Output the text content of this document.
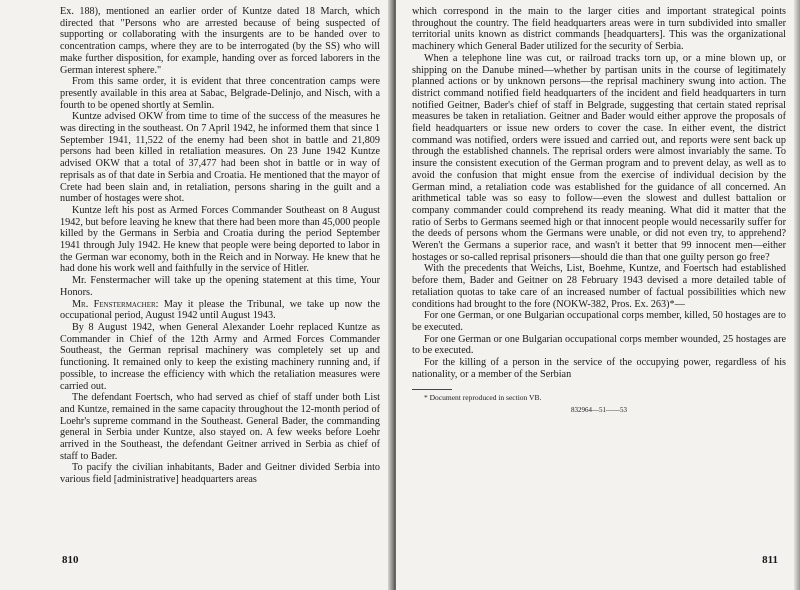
Ex. 188), mentioned an earlier order of Kuntze dated 18 March, which directed that "Persons who are arrested because of being suspected of supporting or collaborating with the insurgents are to be handed over to concentration camps, where they are to be interrogated (by the SS) who will make further disposition, for example, handing over as forced laborers in the German interest sphere."

From this same order, it is evident that three concentration camps were presently available in this area at Sabac, Belgrade-Delinjo, and Nisch, with a fourth to be opened shortly at Semlin.

Kuntze advised OKW from time to time of the success of the measures he was directing in the southeast. On 7 April 1942, he informed them that since 1 September 1941, 11,522 of the enemy had been shot in battle and 21,809 persons had been killed in retaliation measures. On 23 June 1942 Kuntze advised OKW that a total of 37,477 had been shot in battle or in way of reprisals as of that date in Serbia and Croatia. He mentioned that the mayor of Crete had been slain and, in retaliation, persons sharing in the guilt and a number of hostages were shot.

Kuntze left his post as Armed Forces Commander Southeast on 8 August 1942, but before leaving he knew that there had been more than 45,000 people killed by the Germans in Serbia and Croatia during the period September 1941 through July 1942. He knew that people were being deported to labor in the German war economy, both in the Reich and in Norway. He knew that he had done his work well and faithfully in the service of Hitler.

Mr. Fenstermacher will take up the opening statement at this time, Your Honors.

Mr. Fenstermacher: May it please the Tribunal, we take up now the occupational period, August 1942 until August 1943.

By 8 August 1942, when General Alexander Loehr replaced Kuntze as Commander in Chief of the 12th Army and Armed Forces Commander Southeast, the German reprisal machinery was completely set up and functioning. It remained only to keep the existing machinery running and, if possible, to increase the efficiency with which the retaliation measures were carried out.

The defendant Foertsch, who had served as chief of staff under both List and Kuntze, remained in the same capacity throughout the 12-month period of Loehr's supreme command in the Southeast. General Bader, the commanding general in Serbia under Kuntze, also stayed on. A few weeks before Loehr arrived in the Southeast, the defendant Geitner arrived in Serbia as chief of staff to Bader.

To pacify the civilian inhabitants, Bader and Geitner divided Serbia into various field [administrative] headquarters areas

810

which correspond in the main to the larger cities and important strategical points throughout the country. The field headquarters areas were in turn subdivided into smaller territorial units known as district commands [headquarters]. This was the organizational machinery which General Bader utilized for the security of Serbia.

When a telephone line was cut, or railroad tracks torn up, or a mine blown up, or shipping on the Danube mined—whether by partisan units in the course of legitimately planned actions or by unknown persons—the reprisal machinery swung into action. The district command notified field headquarters of the incident and field headquarters in turn notified Geitner, Bader's chief of staff in Belgrade, suggesting that certain stated reprisal measures be taken in retaliation. Geitner and Bader would either approve the proposals of field headquarters or issue new orders to cover the case. In either event, the district command was notified, orders were issued and carried out, and reports were sent back up through the established channels. The reprisal orders were almost invariably the same. To insure the consistent execution of the German program and to prevent delay, as well as to avoid the confusion that might ensue from the exercise of individual decision by the German mind, a retaliation code was established for the guidance of all concerned. An arithmetical table was so easy to follow—even the slowest and dullest battalion or company commander could comprehend its ready meaning. What did it matter that the ratio of Serbs to Germans seemed high or that innocent people would necessarily suffer for the deeds of persons whom the Germans were unable, or did not even try, to apprehend? Weren't the Germans a superior race, and wasn't it better that 99 innocent men—either hostages or so-called reprisal prisoners—should die than that one guilty person go free?

With the precedents that Weichs, List, Boehme, Kuntze, and Foertsch had established before them, Bader and Geitner on 28 February 1943 devised a more detailed table of retaliation quotas to take care of an increased number of factual possibilities which new conditions had brought to the fore (NOKW-382, Pros. Ex. 263)*—

For one German, or one Bulgarian occupational corps member, killed, 50 hostages are to be executed.

For one German or one Bulgarian occupational corps member wounded, 25 hostages are to be executed.

For the killing of a person in the service of the occupying power, regardless of his nationality, or a member of the Serbian

* Document reproduced in section VB.

832964—51——53

811
